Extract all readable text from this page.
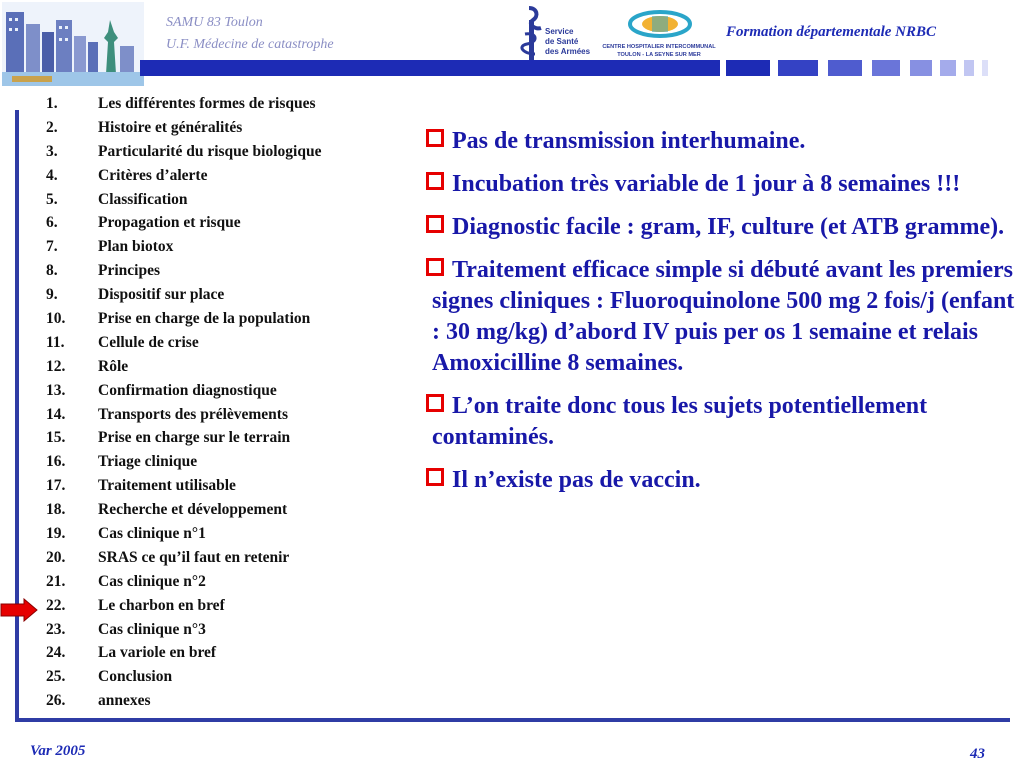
SAMU 83 Toulon
U.F. Médecine de catastrophe
Service
de Santé
des Armées CENTRE HOSPITALIER INTERCOMMUNAL
TOULON - LA SEYNE SUR MER
Formation départementale NRBC
1.	Les différentes formes de risques
2.	Histoire et généralités
3.	Particularité du risque biologique
4.	Critères d’alerte
5.	Classification
6.	Propagation et risque
7.	Plan biotox
8.	Principes
9.	Dispositif sur place
10. Prise en charge de la population
11. Cellule de crise
12. Rôle
13. Confirmation diagnostique
14. Transports des prélèvements
15. Prise en charge sur le terrain
16. Triage clinique
17. Traitement utilisable
18. Recherche et développement
19. Cas clinique n°1
20. SRAS ce qu’il faut en retenir
21. Cas clinique n°2
22. Le charbon en bref
23. Cas clinique n°3
24. La variole en bref
25. Conclusion
26. annexes
Pas de transmission interhumaine.
Incubation très variable de 1 jour à 8 semaines !!!
Diagnostic facile : gram, IF, culture (et ATB gramme).
Traitement efficace simple si débuté avant les premiers signes cliniques : Fluoroquinolone 500 mg 2 fois/j (enfant : 30 mg/kg) d’abord IV puis per os 1 semaine et relais Amoxicilline 8 semaines.
L’on traite donc tous les sujets potentiellement contaminés.
Il n’existe pas de vaccin.
Var 2005	43
